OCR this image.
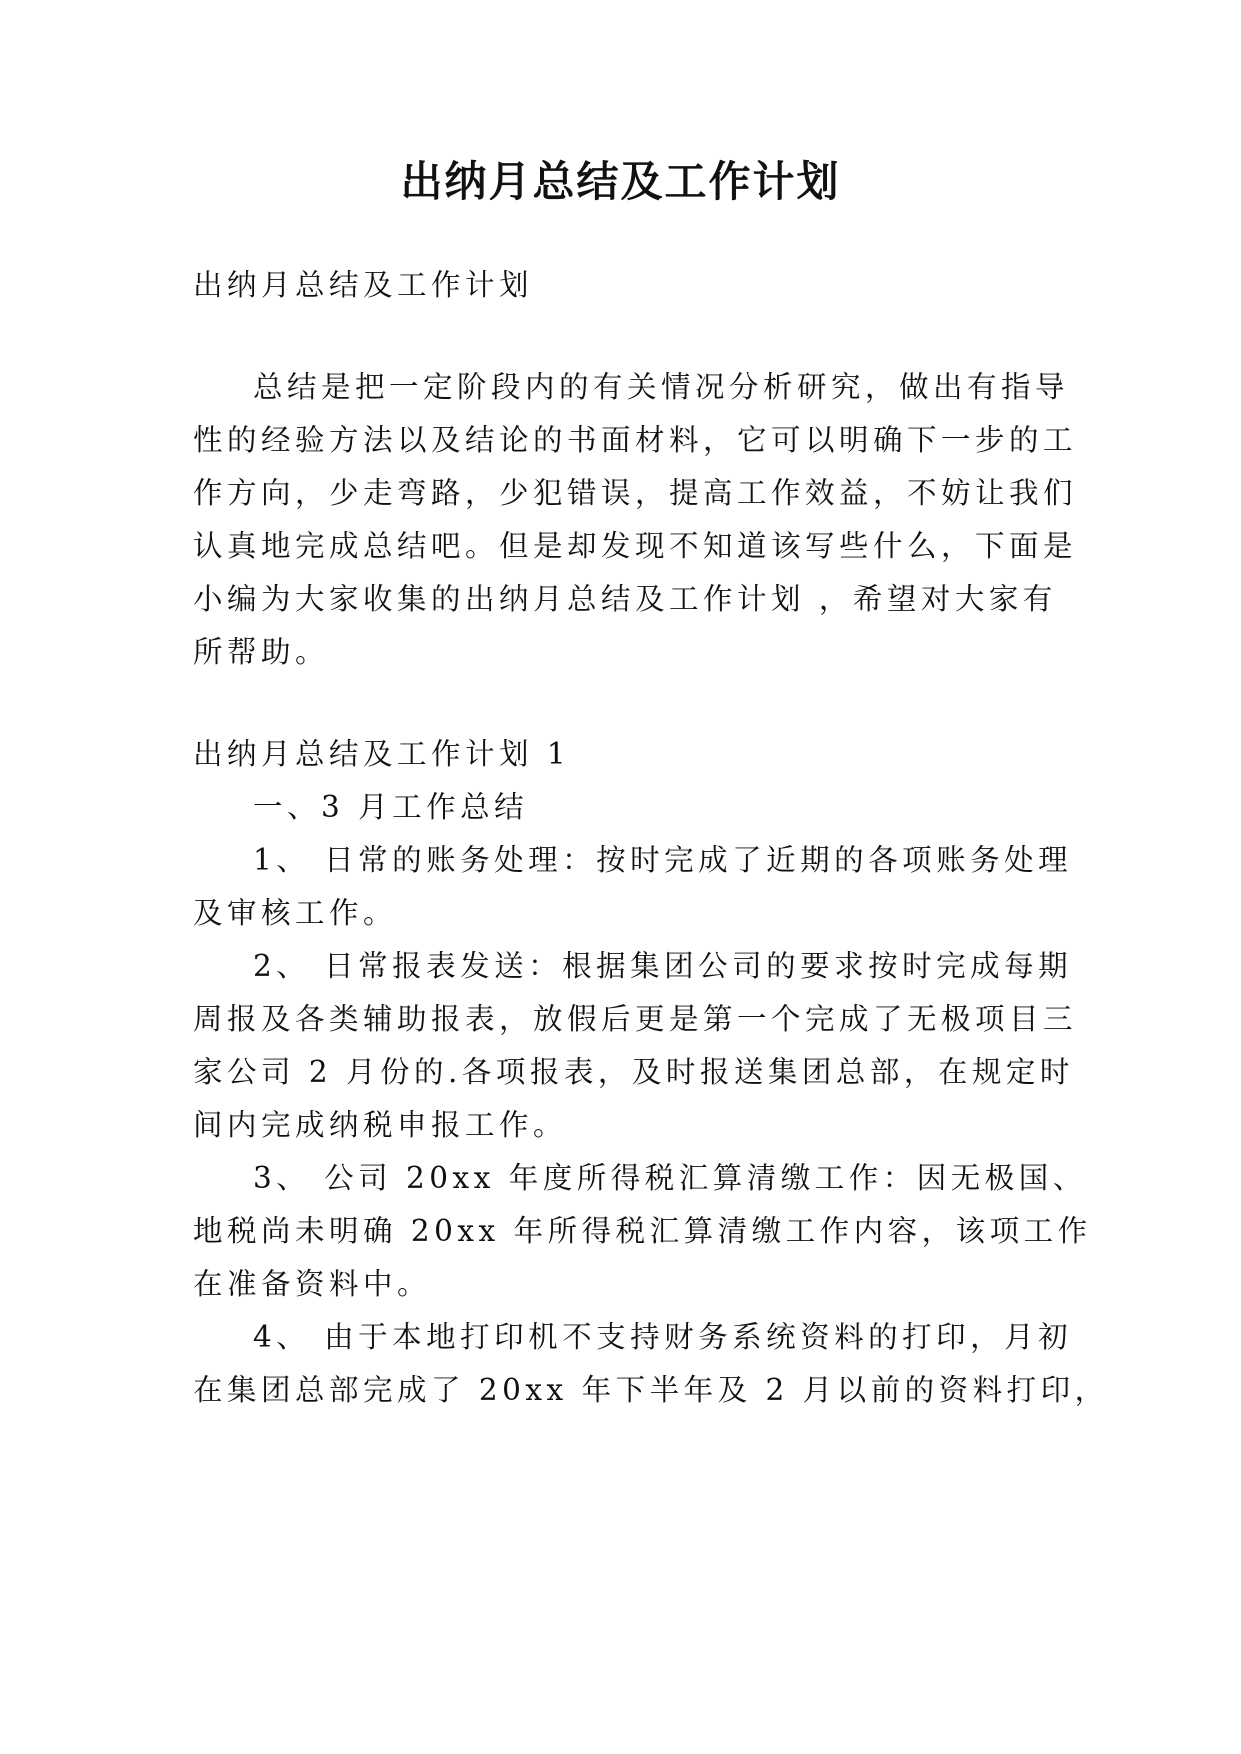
出纳月总结及工作计划
出纳月总结及工作计划
总结是把一定阶段内的有关情况分析研究，做出有指导
性的经验方法以及结论的书面材料，它可以明确下一步的工
作方向，少走弯路，少犯错误，提高工作效益，不妨让我们
认真地完成总结吧。但是却发现不知道该写些什么，下面是
小编为大家收集的出纳月总结及工作计划 ，希望对大家有
所帮助。
出纳月总结及工作计划 1
一、3 月工作总结
1、 日常的账务处理：按时完成了近期的各项账务处理
及审核工作。
2、 日常报表发送：根据集团公司的要求按时完成每期
周报及各类辅助报表，放假后更是第一个完成了无极项目三
家公司 2 月份的.各项报表，及时报送集团总部，在规定时
间内完成纳税申报工作。
3、 公司 20xx 年度所得税汇算清缴工作：因无极国、
地税尚未明确 20xx 年所得税汇算清缴工作内容，该项工作
在准备资料中。
4、 由于本地打印机不支持财务系统资料的打印，月初
在集团总部完成了 20xx 年下半年及 2 月以前的资料打印，
